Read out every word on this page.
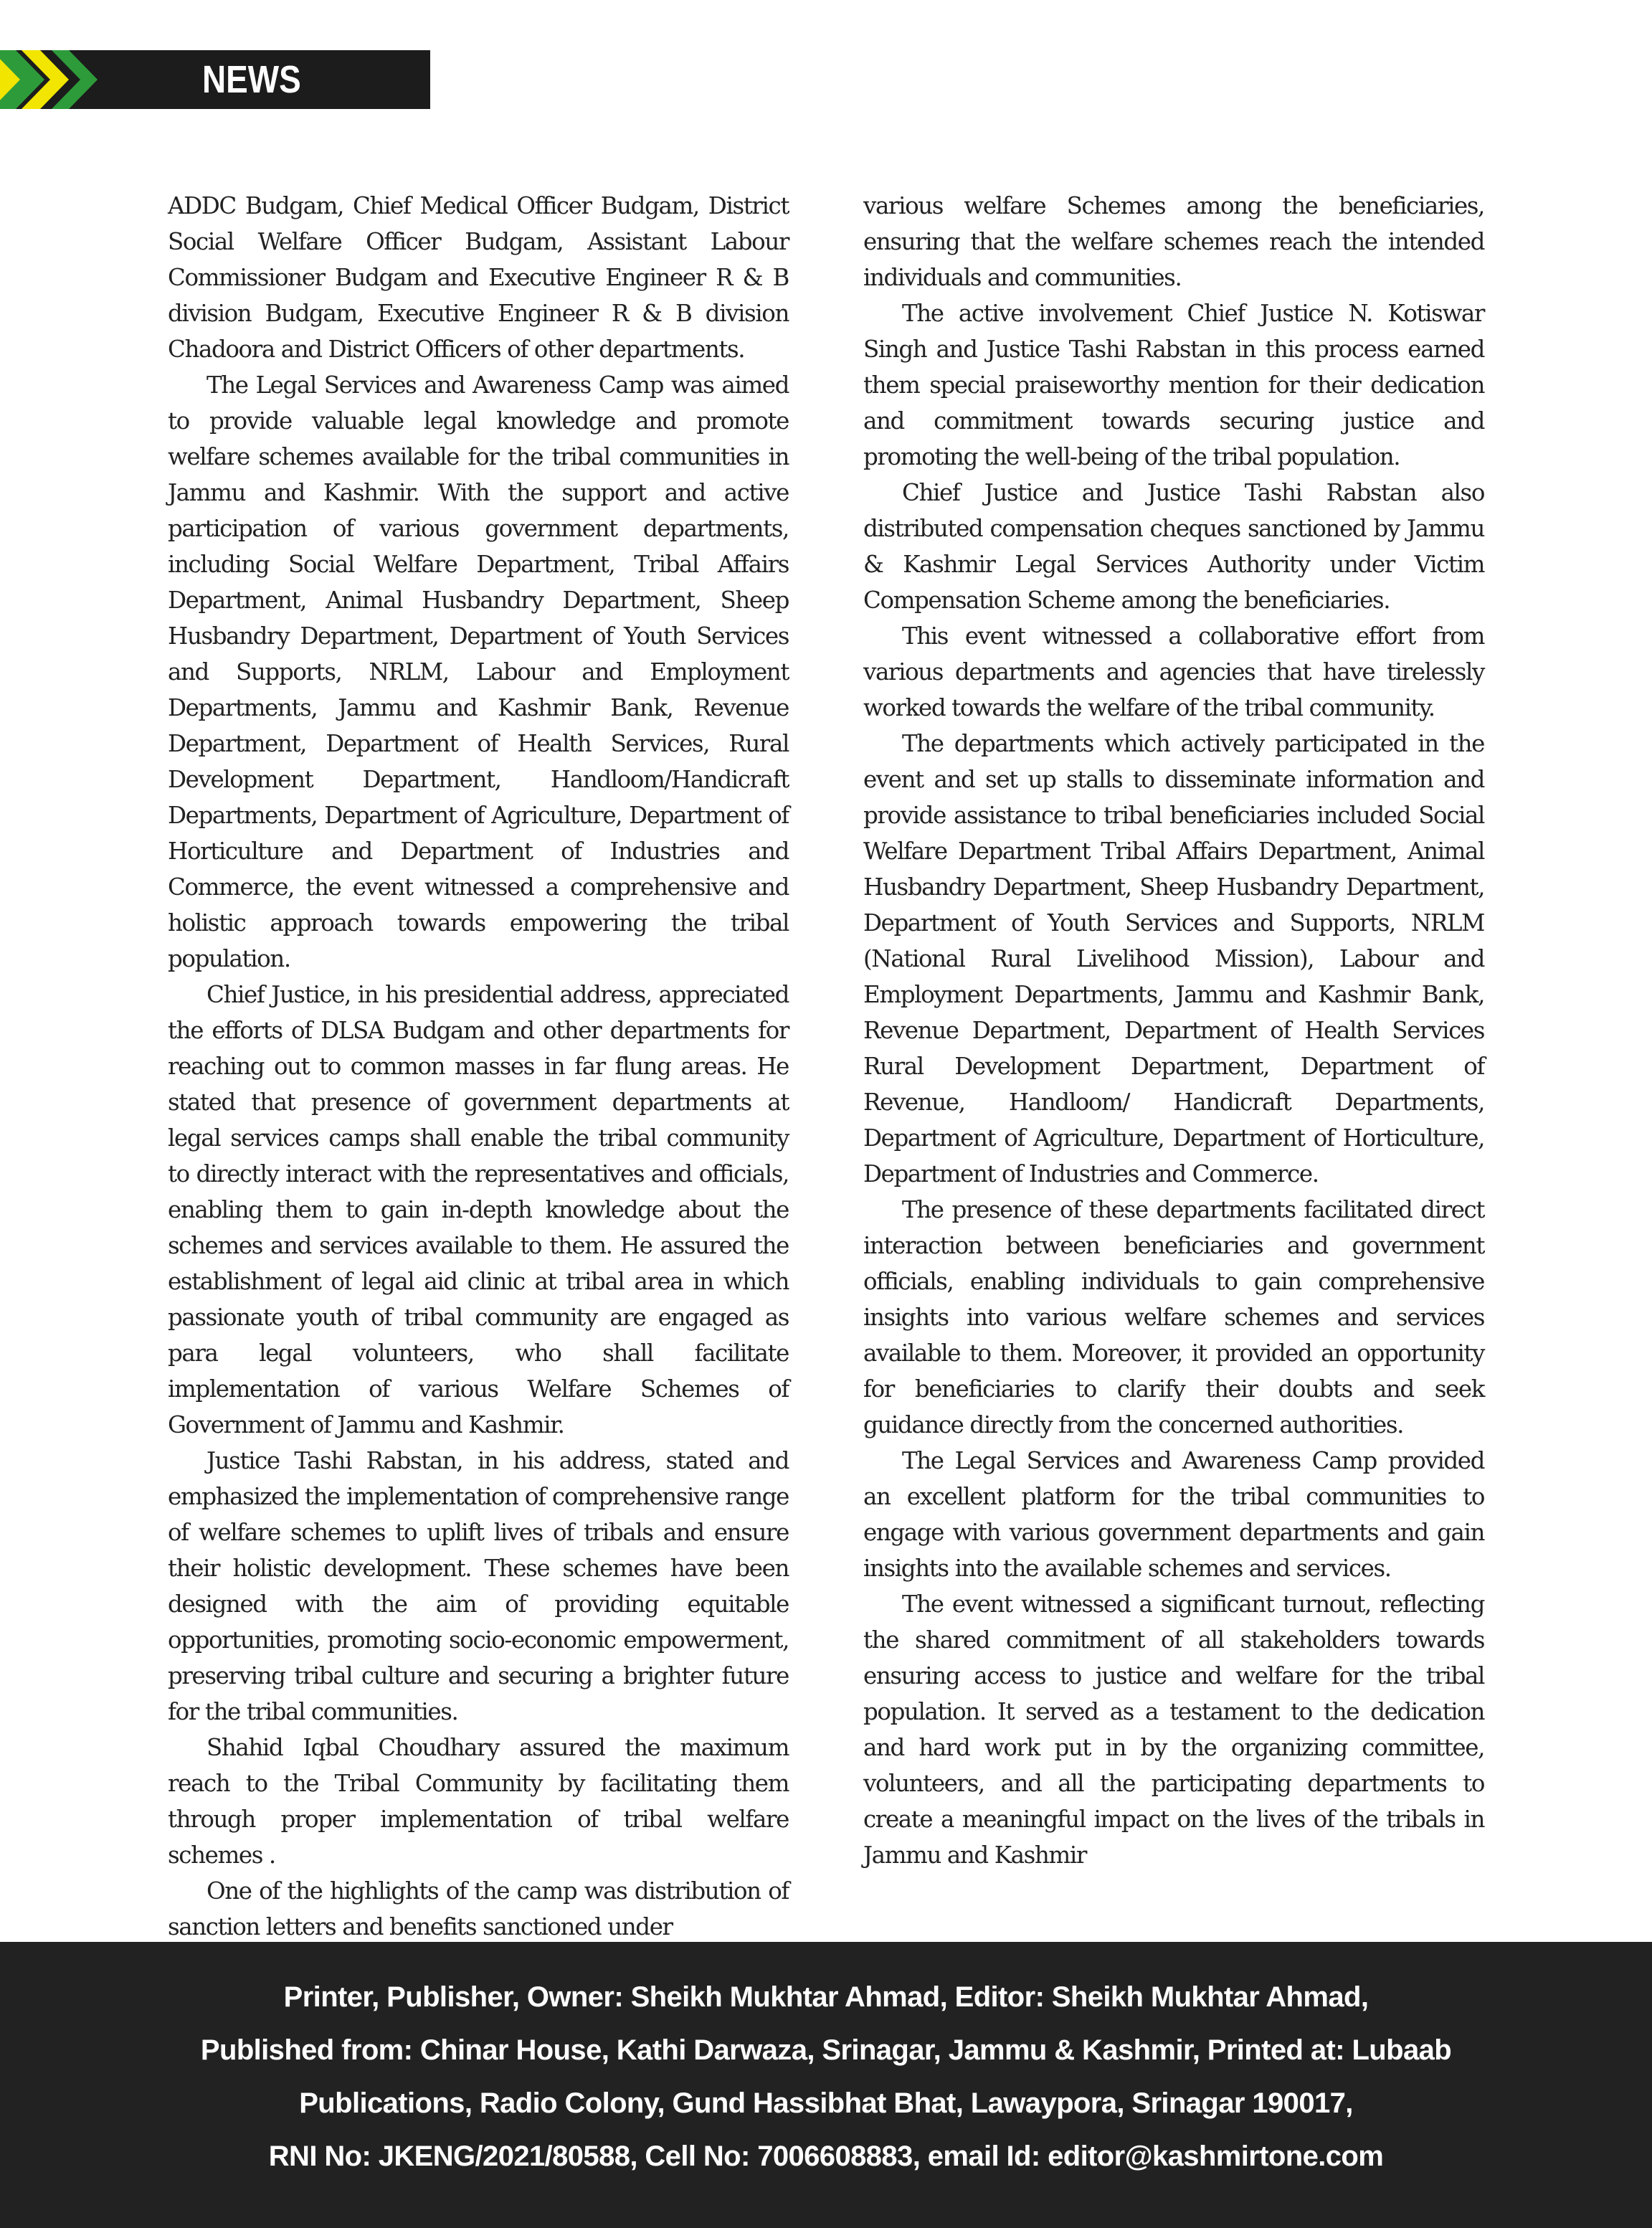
NEWS

ADDC Budgam, Chief Medical Officer Budgam, District Social Welfare Officer Budgam, Assistant Labour Commissioner Budgam and Executive Engineer R & B division Budgam, Executive Engineer R & B division Chadoora and District Officers of other departments.

The Legal Services and Awareness Camp was aimed to provide valuable legal knowledge and promote welfare schemes available for the tribal communities in Jammu and Kashmir. With the support and active participation of various government departments, including Social Welfare Department, Tribal Affairs Department, Animal Husbandry Department, Sheep Husbandry Department, Department of Youth Services and Supports, NRLM, Labour and Employment Departments, Jammu and Kashmir Bank, Revenue Department, Department of Health Services, Rural Development Department, Handloom/Handicraft Departments, Department of Agriculture, Department of Horticulture and Department of Industries and Commerce, the event witnessed a comprehensive and holistic approach towards empowering the tribal population.

Chief Justice, in his presidential address, appreciated the efforts of DLSA Budgam and other departments for reaching out to common masses in far flung areas. He stated that presence of government departments at legal services camps shall enable the tribal community to directly interact with the representatives and officials, enabling them to gain in-depth knowledge about the schemes and services available to them. He assured the establishment of legal aid clinic at tribal area in which passionate youth of tribal community are engaged as para legal volunteers, who shall facilitate implementation of various Welfare Schemes of Government of Jammu and Kashmir.

Justice Tashi Rabstan, in his address, stated and emphasized the implementation of comprehensive range of welfare schemes to uplift lives of tribals and ensure their holistic development. These schemes have been designed with the aim of providing equitable opportunities, promoting socio-economic empowerment, preserving tribal culture and securing a brighter future for the tribal communities.

Shahid Iqbal Choudhary assured the maximum reach to the Tribal Community by facilitating them through proper implementation of tribal welfare schemes .

One of the highlights of the camp was distribution of sanction letters and benefits sanctioned under

various welfare Schemes among the beneficiaries, ensuring that the welfare schemes reach the intended individuals and communities.

The active involvement Chief Justice N. Kotiswar Singh and Justice Tashi Rabstan in this process earned them special praiseworthy mention for their dedication and commitment towards securing justice and promoting the well-being of the tribal population.

Chief Justice and Justice Tashi Rabstan also distributed compensation cheques sanctioned by Jammu & Kashmir Legal Services Authority under Victim Compensation Scheme among the beneficiaries.

This event witnessed a collaborative effort from various departments and agencies that have tirelessly worked towards the welfare of the tribal community.

The departments which actively participated in the event and set up stalls to disseminate information and provide assistance to tribal beneficiaries included Social Welfare Department Tribal Affairs Department, Animal Husbandry Department, Sheep Husbandry Department, Department of Youth Services and Supports, NRLM (National Rural Livelihood Mission), Labour and Employment Departments, Jammu and Kashmir Bank, Revenue Department, Department of Health Services Rural Development Department, Department of Revenue, Handloom/ Handicraft Departments, Department of Agriculture, Department of Horticulture, Department of Industries and Commerce.

The presence of these departments facilitated direct interaction between beneficiaries and government officials, enabling individuals to gain comprehensive insights into various welfare schemes and services available to them. Moreover, it provided an opportunity for beneficiaries to clarify their doubts and seek guidance directly from the concerned authorities.

The Legal Services and Awareness Camp provided an excellent platform for the tribal communities to engage with various government departments and gain insights into the available schemes and services.

The event witnessed a significant turnout, reflecting the shared commitment of all stakeholders towards ensuring access to justice and welfare for the tribal population. It served as a testament to the dedication and hard work put in by the organizing committee, volunteers, and all the participating departments to create a meaningful impact on the lives of the tribals in Jammu and Kashmir

Printer, Publisher, Owner: Sheikh Mukhtar Ahmad, Editor: Sheikh Mukhtar Ahmad,
Published from: Chinar House, Kathi Darwaza, Srinagar, Jammu & Kashmir, Printed at: Lubaab
Publications, Radio Colony, Gund Hassibhat Bhat, Lawaypora, Srinagar 190017,
RNI No: JKENG/2021/80588, Cell No: 7006608883, email Id: editor@kashmirtone.com
